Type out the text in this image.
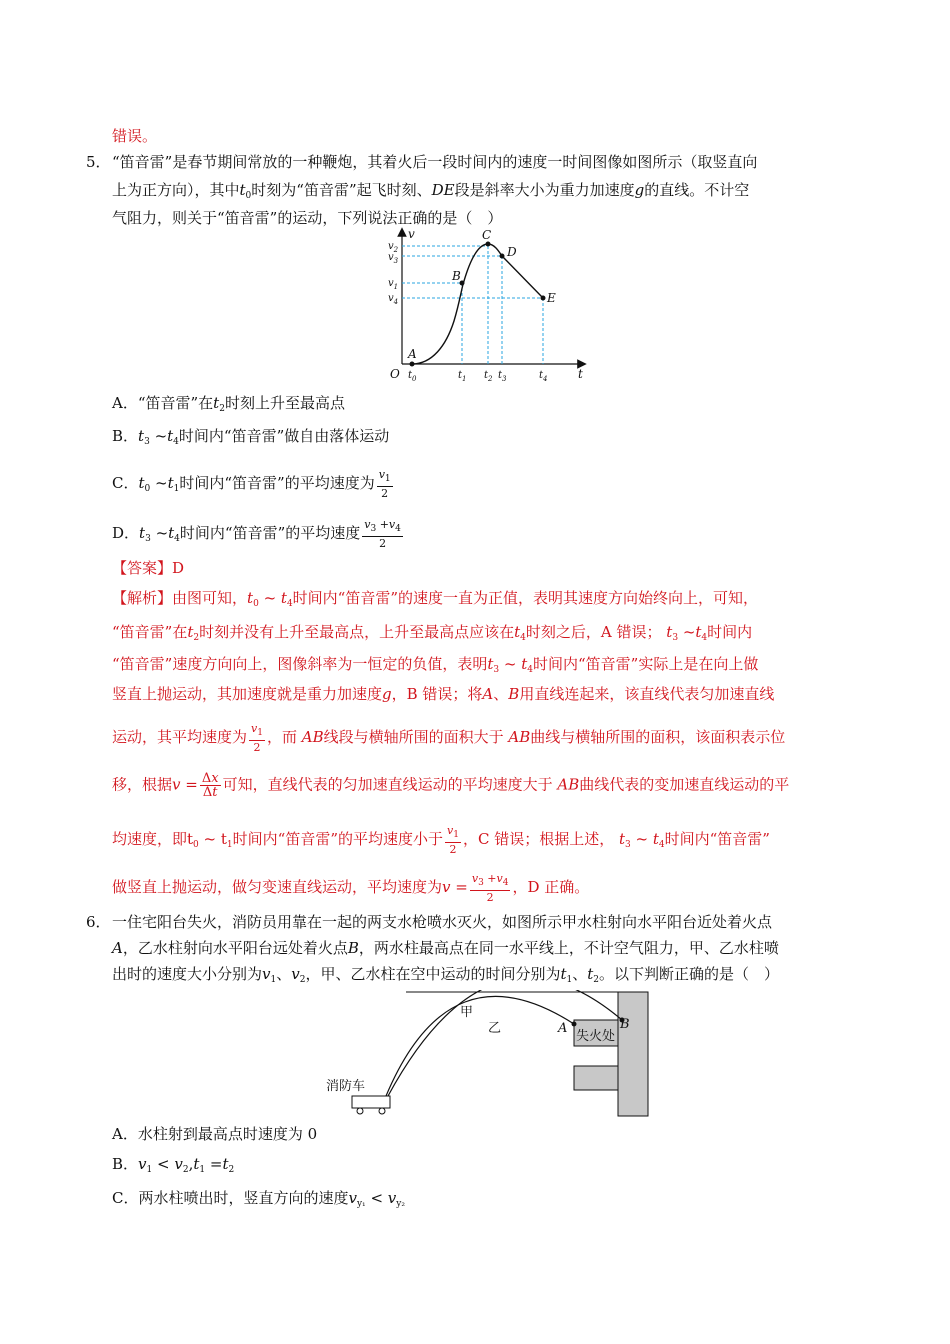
错误。
5． “笛音雷”是春节期间常放的一种鞭炮，其着火后一段时间内的速度一时间图像如图所示（取竖直向
上为正方向），其中$t_0$时刻为“笛音雷”起飞时刻、DE段是斜率大小为重力加速度g的直线。不计空
气阻力，则关于“笛音雷”的运动，下列说法正确的是（　）
v
t
O
A
B
C
D
E
$v_2$
$v_3$
$v_1$
$v_4$
$t_0$	$t_1$ $t_2$ $t_3$	$t_4$
A．“笛音雷”在$t_2$时刻上升至最高点
B．$t_3$ $\sim t_4$时间内“笛音雷”做自由落体运动
C．$t_0$ $\sim t_1$时间内“笛音雷”的平均速度为 $\frac{v_1}{2}$
D．$t_3$ $\sim t_4$时间内“笛音雷”的平均速度 $\frac{v_3 +v_4}{2}$
【答案】D
【解析】由图可知，$t_0$ ~ $t_4$时间内“笛音雷”的速度一直为正值，表明其速度方向始终向上，可知，
“笛音雷”在$t_2$时刻并没有上升至最高点，上升至最高点应该在$t_4$时刻之后，A 错误； $t_3$ $\sim t_4$时间内
“笛音雷”速度方向向上，图像斜率为一恒定的负值，表明$t_3$ ~ $t_4$时间内“笛音雷”实际上是在向上做
竖直上抛运动，其加速度就是重力加速度g，B 错误；将A、B用直线连起来，该直线代表匀加速直线
运动，其平均速度为 $\frac{v_1}{2}$ ，而 AB线段与横轴所围的面积大于 AB曲线与横轴所围的面积，该面积表示位
移，根据$v = \frac{\Delta x}{\Delta t}$ 可知，直线代表的匀加速直线运动的平均速度大于 AB曲线代表的变加速直线运动的平
均速度，即$t_0$ ~ $t_1$时间内“笛音雷”的平均速度小于 $\frac{v_1}{2}$ ，C 错误；根据上述， $t_3$ ~ $t_4$时间内“笛音雷”
做竖直上抛运动，做匀变速直线运动，平均速度为$v = \frac{v_3 +v_4}{2}$ ，D 正确。
6． 一住宅阳台失火，消防员用靠在一起的两支水枪喷水灭火，如图所示甲水柱射向水平阳台近处着火点
A，乙水柱射向水平阳台远处着火点B，两水柱最高点在同一水平线上，不计空气阻力，甲、乙水柱喷
出时的速度大小分别为$v_1$、$v_2$，甲、乙水柱在空中运动的时间分别为$t_1$、$t_2$。以下判断正确的是（　）
甲
乙	A	B
失火处
消防车
A．水柱射到最高点时速度为 0
B．$v_1 < v_2,t_1 =t_2$
C．两水柱喷出时，竖直方向的速度$v_{y_1} < v_{y_2}$
